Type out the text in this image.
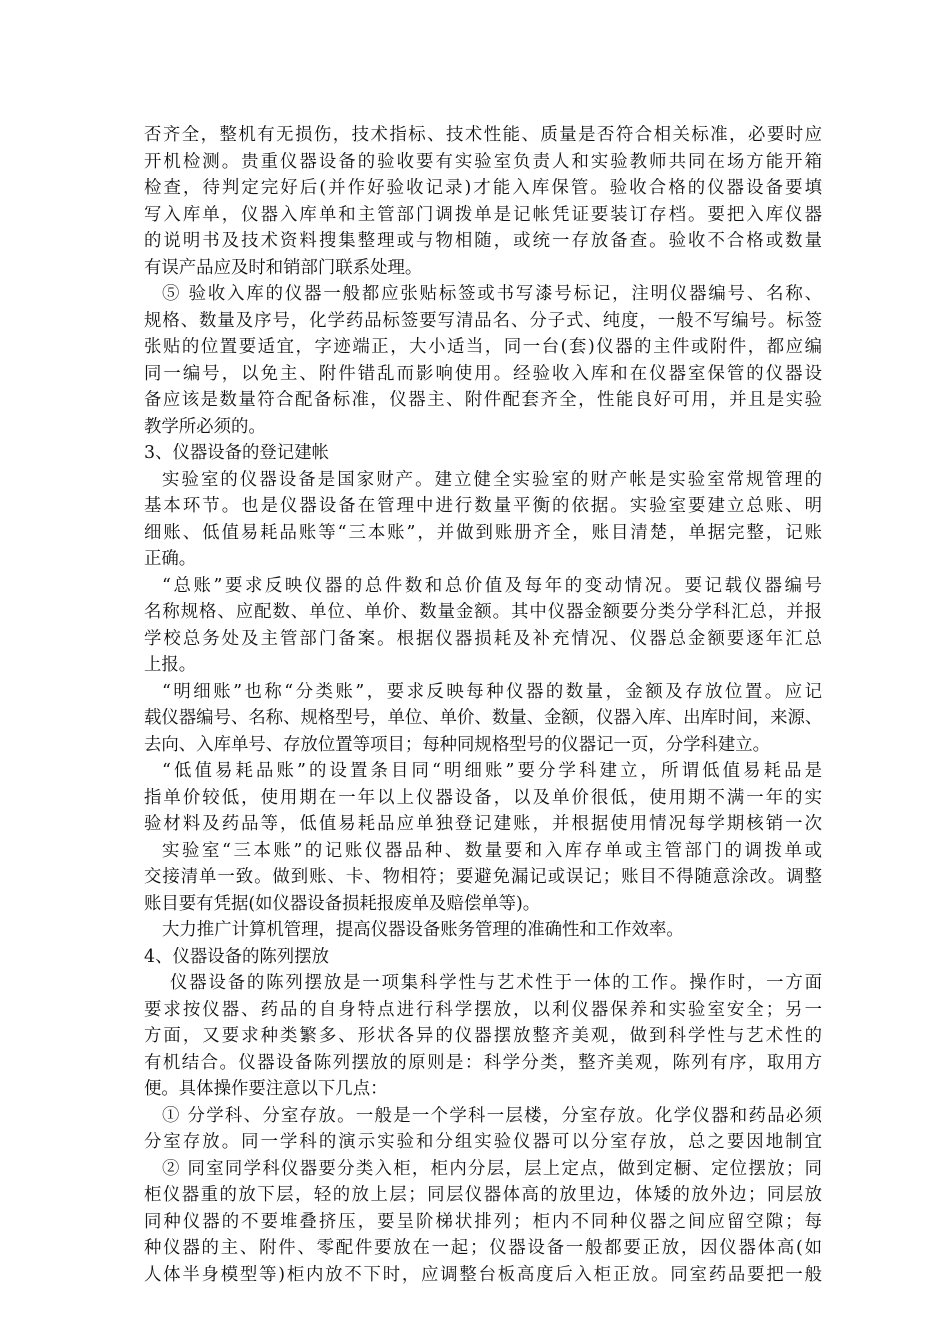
否齐全，整机有无损伤，技术指标、技术性能、质量是否符合相关标准，必要时应
开机检测。贵重仪器设备的验收要有实验室负责人和实验教师共同在场方能开箱
检查，待判定完好后(并作好验收记录)才能入库保管。验收合格的仪器设备要填
写入库单，仪器入库单和主管部门调拨单是记帐凭证要装订存档。要把入库仪器
的说明书及技术资料搜集整理或与物相随，或统一存放备查。验收不合格或数量
有误产品应及时和销部门联系处理。
⑤ 验收入库的仪器一般都应张贴标签或书写漆号标记，注明仪器编号、名称、
规格、数量及序号，化学药品标签要写清品名、分子式、纯度，一般不写编号。标签
张贴的位置要适宜，字迹端正，大小适当，同一台(套)仪器的主件或附件，都应编
同一编号，以免主、附件错乱而影响使用。经验收入库和在仪器室保管的仪器设
备应该是数量符合配备标准，仪器主、附件配套齐全，性能良好可用，并且是实验
教学所必须的。
3、仪器设备的登记建帐
实验室的仪器设备是国家财产。建立健全实验室的财产帐是实验室常规管理的
基本环节。也是仪器设备在管理中进行数量平衡的依据。实验室要建立总账、明
细账、低值易耗品账等“三本账”，并做到账册齐全，账目清楚，单据完整，记账
正确。
“总账”要求反映仪器的总件数和总价值及每年的变动情况。要记载仪器编号
名称规格、应配数、单位、单价、数量金额。其中仪器金额要分类分学科汇总，并报
学校总务处及主管部门备案。根据仪器损耗及补充情况、仪器总金额要逐年汇总
上报。
“明细账”也称“分类账”，要求反映每种仪器的数量，金额及存放位置。应记
载仪器编号、名称、规格型号，单位、单价、数量、金额，仪器入库、出库时间，来源、
去向、入库单号、存放位置等项目；每种同规格型号的仪器记一页，分学科建立。
“低值易耗品账”的设置条目同“明细账”要分学科建立，所谓低值易耗品是
指单价较低，使用期在一年以上仪器设备，以及单价很低，使用期不满一年的实
验材料及药品等，低值易耗品应单独登记建账，并根据使用情况每学期核销一次
实验室“三本账”的记账仪器品种、数量要和入库存单或主管部门的调拨单或
交接清单一致。做到账、卡、物相符；要避免漏记或误记；账目不得随意涂改。调整
账目要有凭据(如仪器设备损耗报废单及赔偿单等)。
大力推广计算机管理，提高仪器设备账务管理的准确性和工作效率。
4、仪器设备的陈列摆放
仪器设备的陈列摆放是一项集科学性与艺术性于一体的工作。操作时，一方面
要求按仪器、药品的自身特点进行科学摆放，以利仪器保养和实验室安全；另一
方面，又要求种类繁多、形状各异的仪器摆放整齐美观，做到科学性与艺术性的
有机结合。仪器设备陈列摆放的原则是：科学分类，整齐美观，陈列有序，取用方
便。具体操作要注意以下几点：
① 分学科、分室存放。一般是一个学科一层楼，分室存放。化学仪器和药品必须
分室存放。同一学科的演示实验和分组实验仪器可以分室存放，总之要因地制宜
② 同室同学科仪器要分类入柜，柜内分层，层上定点，做到定橱、定位摆放；同
柜仪器重的放下层，轻的放上层；同层仪器体高的放里边，体矮的放外边；同层放
同种仪器的不要堆叠挤压，要呈阶梯状排列；柜内不同种仪器之间应留空隙；每
种仪器的主、附件、零配件要放在一起；仪器设备一般都要正放，因仪器体高(如
人体半身模型等)柜内放不下时，应调整台板高度后入柜正放。同室药品要把一般
